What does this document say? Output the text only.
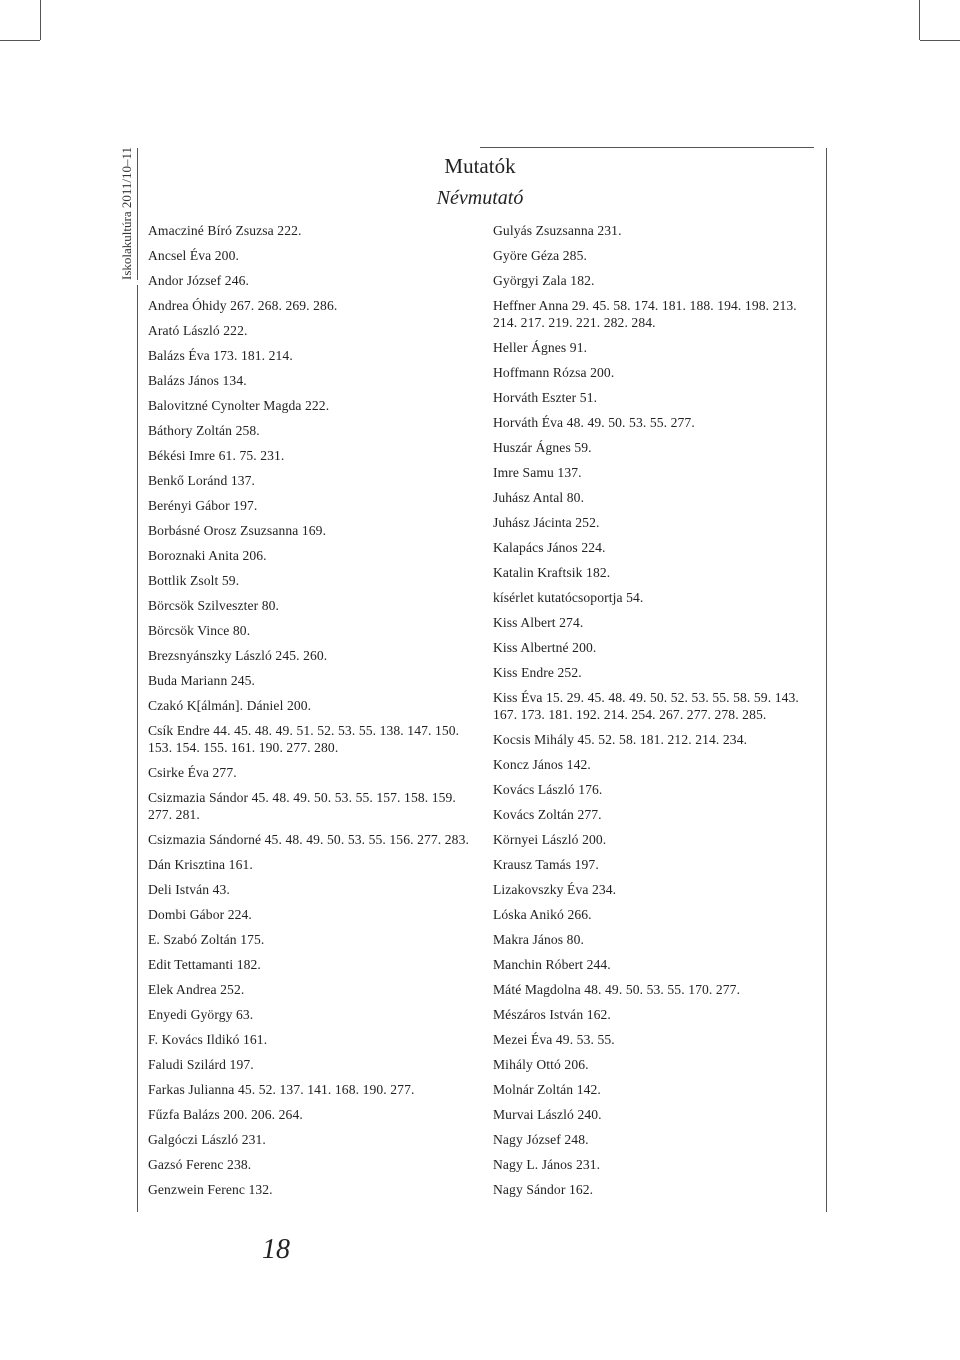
Iskolakultúra 2011/10–11	Mutatók
Névmutató
Amacziné Bíró Zsuzsa 222.
Ancsel Éva 200.
Andor József 246.
Andrea Óhidy 267. 268. 269. 286.
Arató László 222.
Balázs Éva 173. 181. 214.
Balázs János 134.
Balovitzné Cynolter Magda 222.
Báthory Zoltán 258.
Békési Imre 61. 75. 231.
Benkő Loránd 137.
Berényi Gábor 197.
Borbásné Orosz Zsuzsanna 169.
Boroznaki Anita 206.
Bottlik Zsolt 59.
Börcsök Szilveszter 80.
Börcsök Vince 80.
Brezsnyánszky László 245. 260.
Buda Mariann 245.
Czakó K[álmán]. Dániel 200.
Csík Endre 44. 45. 48. 49. 51. 52. 53. 55. 138. 147. 150. 153. 154. 155. 161. 190. 277. 280.
Csirke Éva 277.
Csizmazia Sándor 45. 48. 49. 50. 53. 55. 157. 158. 159. 277. 281.
Csizmazia Sándorné 45. 48. 49. 50. 53. 55. 156. 277. 283.
Dán Krisztina 161.
Deli István 43.
Dombi Gábor 224.
E. Szabó Zoltán 175.
Edit Tettamanti 182.
Elek Andrea 252.
Enyedi György 63.
F. Kovács Ildikó 161.
Faludi Szilárd 197.
Farkas Julianna 45. 52. 137. 141. 168. 190. 277.
Fűzfa Balázs 200. 206. 264.
Galgóczi László 231.
Gazsó Ferenc 238.
Genzwein Ferenc 132.
Gulyás Zsuzsanna 231.
Györe Géza 285.
Györgyi Zala 182.
Heffner Anna 29. 45. 58. 174. 181. 188. 194. 198. 213. 214. 217. 219. 221. 282. 284.
Heller Ágnes 91.
Hoffmann Rózsa 200.
Horváth Eszter 51.
Horváth Éva 48. 49. 50. 53. 55. 277.
Huszár Ágnes 59.
Imre Samu 137.
Juhász Antal 80.
Juhász Jácinta 252.
Kalapács János 224.
Katalin Kraftsik 182.
kísérlet kutatócsoportja 54.
Kiss Albert 274.
Kiss Albertné 200.
Kiss Endre 252.
Kiss Éva 15. 29. 45. 48. 49. 50. 52. 53. 55. 58. 59. 143. 167. 173. 181. 192. 214. 254. 267. 277. 278. 285.
Kocsis Mihály 45. 52. 58. 181. 212. 214. 234.
Koncz János 142.
Kovács László 176.
Kovács Zoltán 277.
Környei László 200.
Krausz Tamás 197.
Lizakovszky Éva 234.
Lóska Anikó 266.
Makra János 80.
Manchin Róbert 244.
Máté Magdolna 48. 49. 50. 53. 55. 170. 277.
Mészáros István 162.
Mezei Éva 49. 53. 55.
Mihály Ottó 206.
Molnár Zoltán 142.
Murvai László 240.
Nagy József 248.
Nagy L. János 231.
Nagy Sándor 162.
18
